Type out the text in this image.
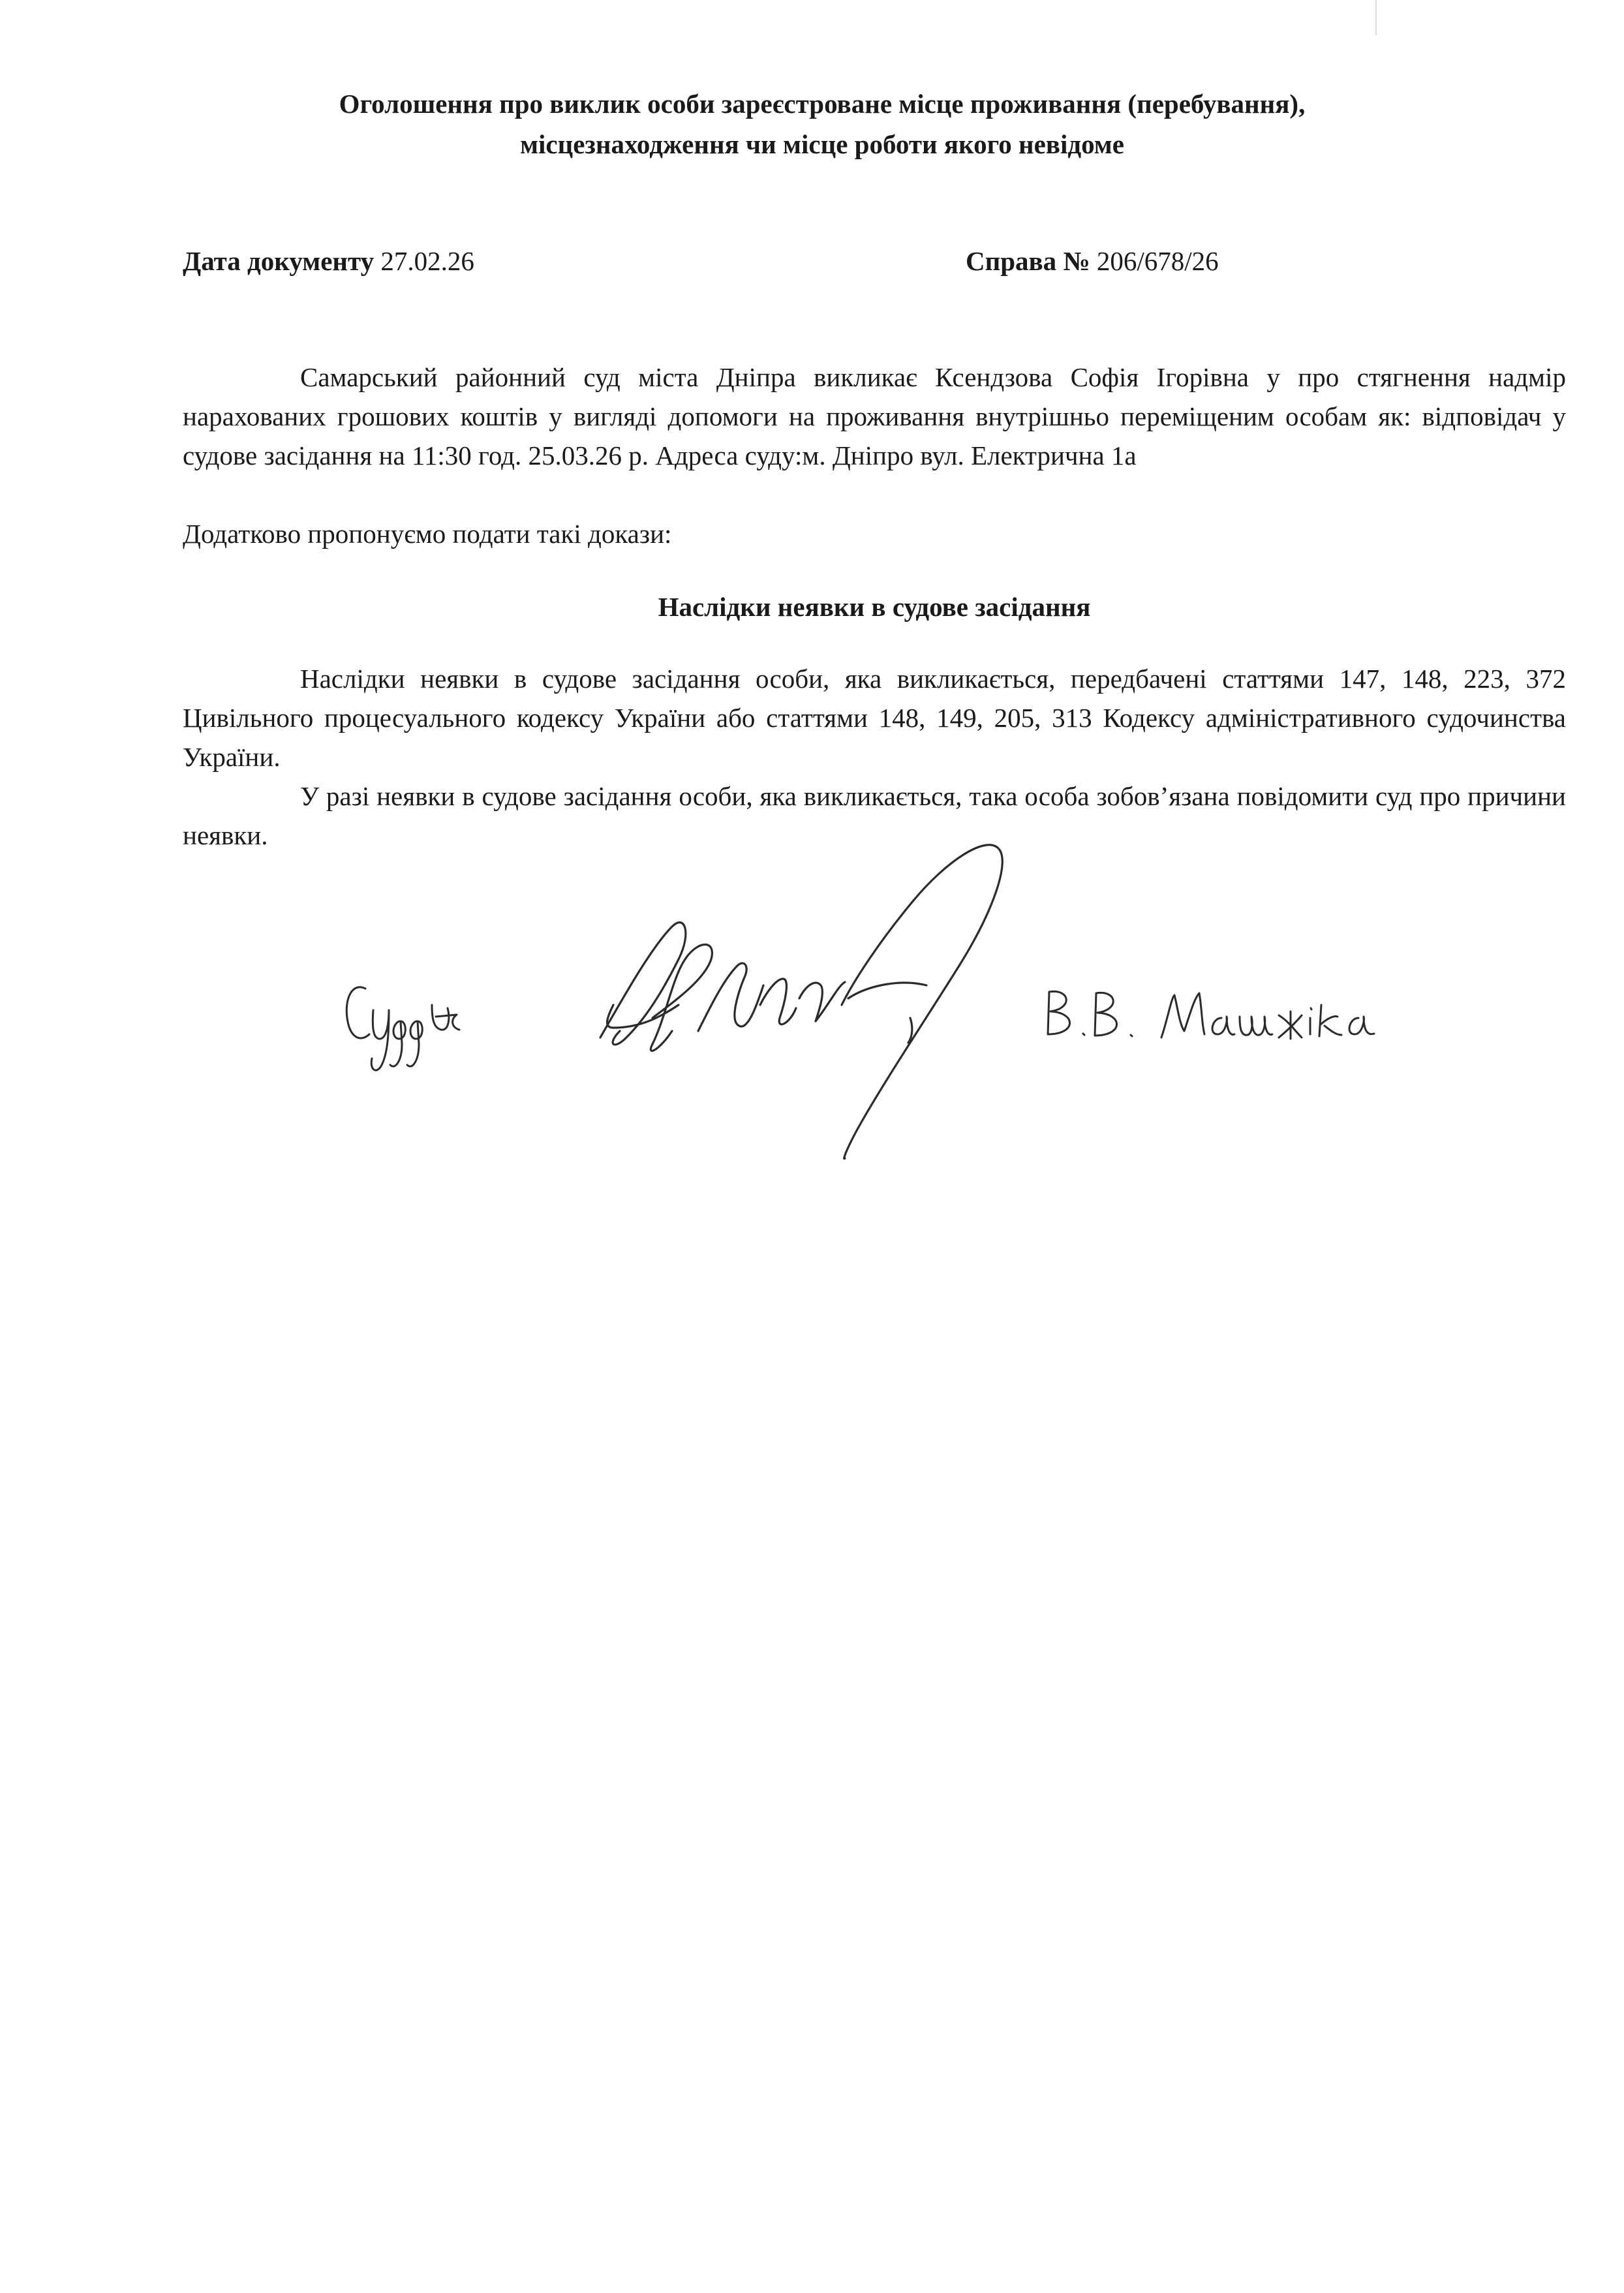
Оголошення про виклик особи зареєстроване місце проживання (перебування),
місцезнаходження чи місце роботи якого невідоме
Дата документу 27.02.26	Справа № 206/678/26

Самарський районний суд міста Дніпра викликає Ксендзова Софія Ігорівна у про стягнення надмір нарахованих грошових коштів у вигляді допомоги на проживання внутрішньо переміщеним особам як: відповідач у судове засідання на 11:30 год. 25.03.26 р. Адреса суду:м. Дніпро вул. Електрична 1а

Додатково пропонуємо подати такі докази:

Наслідки неявки в судове засідання

Наслідки неявки в судове засідання особи, яка викликається, передбачені статтями 147, 148, 223, 372 Цивільного процесуального кодексу України або статтями 148, 149, 205, 313 Кодексу адміністративного судочинства України.

У разі неявки в судове засідання особи, яка викликається, така особа зобов’язана повідомити суд про причини неявки.
